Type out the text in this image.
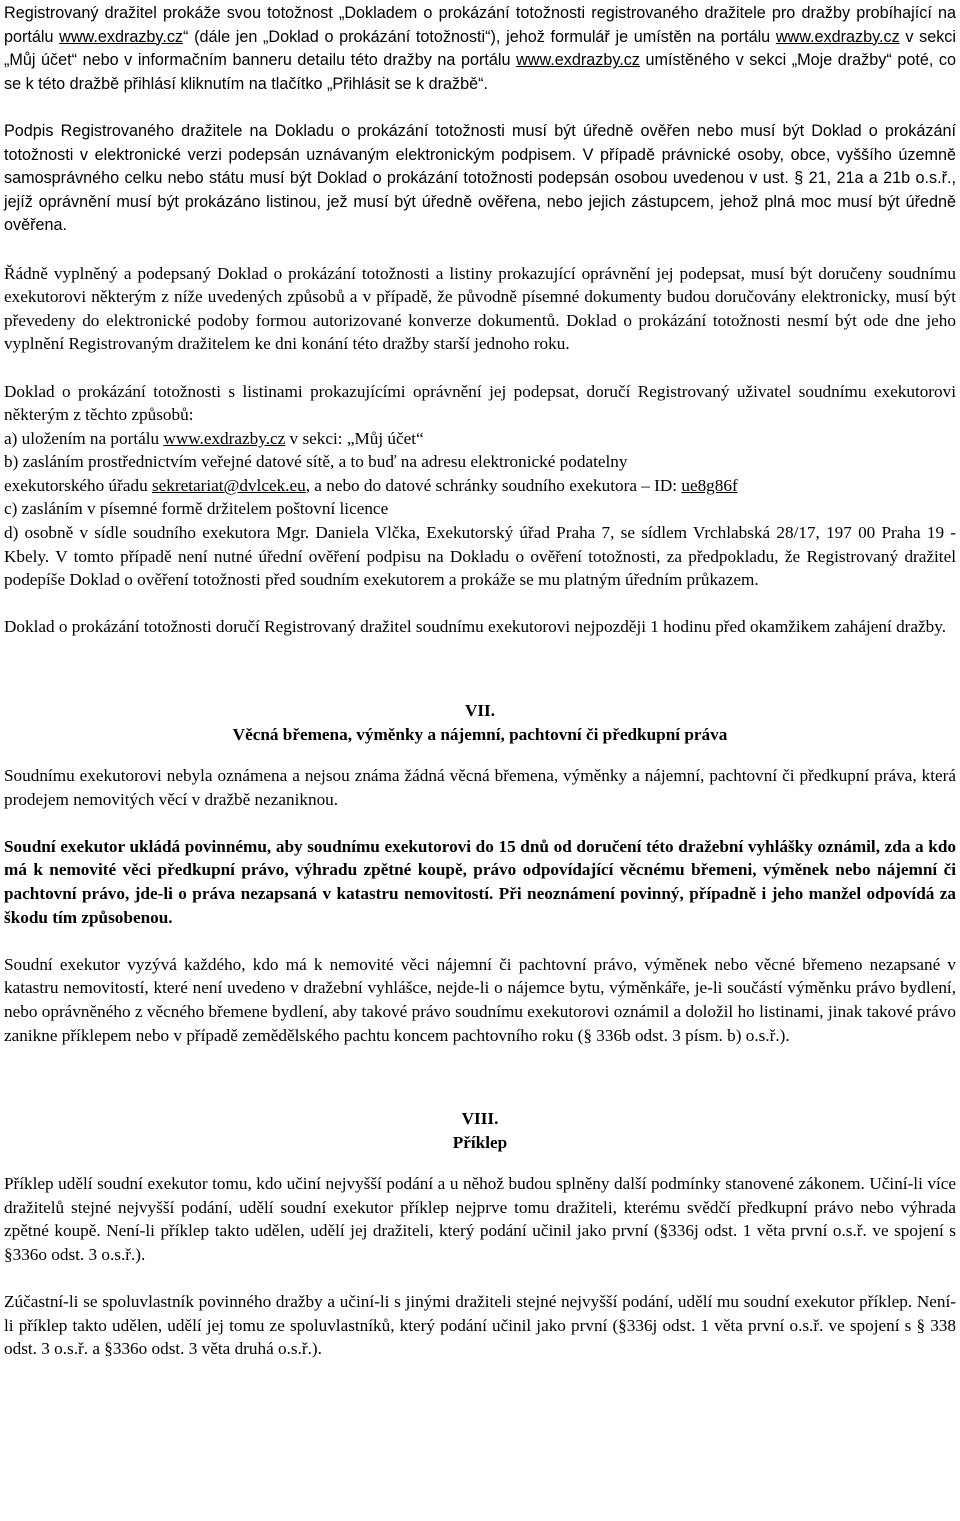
Registrovaný dražitel prokáže svou totožnost „Dokladem o prokázání totožnosti registrovaného dražitele pro dražby probíhající na portálu www.exdrazby.cz“ (dále jen „Doklad o prokázání totožnosti“), jehož formulář je umístěn na portálu www.exdrazby.cz v sekci „Můj účet“ nebo v informačním banneru detailu této dražby na portálu www.exdrazby.cz umístěného v sekci „Moje dražby“ poté, co se k této dražbě přihlásí kliknutím na tlačítko „Přihlásit se k dražbě“.

Podpis Registrovaného dražitele na Dokladu o prokázání totožnosti musí být úředně ověřen nebo musí být Doklad o prokázání totožnosti v elektronické verzi podepsán uznávaným elektronickým podpisem. V případě právnické osoby, obce, vyššího územně samosprávného celku nebo státu musí být Doklad o prokázání totožnosti podepsán osobou uvedenou v ust. § 21, 21a a 21b o.s.ř., jejíž oprávnění musí být prokázáno listinou, jež musí být úředně ověřena, nebo jejich zástupcem, jehož plná moc musí být úředně ověřena.

Řádně vyplněný a podepsaný Doklad o prokázání totožnosti a listiny prokazující oprávnění jej podepsat, musí být doručeny soudnímu exekutorovi některým z níže uvedených způsobů a v případě, že původně písemné dokumenty budou doručovány elektronicky, musí být převedeny do elektronické podoby formou autorizované konverze dokumentů. Doklad o prokázání totožnosti nesmí být ode dne jeho vyplnění Registrovaným dražitelem ke dni konání této dražby starší jednoho roku.

Doklad o prokázání totožnosti s listinami prokazujícími oprávnění jej podepsat, doručí Registrovaný uživatel soudnímu exekutorovi některým z těchto způsobů:

a) uložením na portálu www.exdrazby.cz v sekci: „Můj účet“

b) zasláním prostřednictvím veřejné datové sítě, a to buď na adresu elektronické podatelny

exekutorského úřadu sekretariat@dvlcek.eu, a nebo do datové schránky soudního exekutora – ID: ue8g86f

c) zasláním v písemné formě držitelem poštovní licence

d) osobně v sídle soudního exekutora Mgr. Daniela Vlčka, Exekutorský úřad Praha 7, se sídlem Vrchlabská 28/17, 197 00 Praha 19 - Kbely. V tomto případě není nutné úřední ověření podpisu na Dokladu o ověření totožnosti, za předpokladu, že Registrovaný dražitel podepíše Doklad o ověření totožnosti před soudním exekutorem a prokáže se mu platným úředním průkazem.

Doklad o prokázání totožnosti doručí Registrovaný dražitel soudnímu exekutorovi nejpozději 1 hodinu před okamžikem zahájení dražby.

VII.

Věcná břemena, výměnky a nájemní, pachtovní či předkupní práva

Soudnímu exekutorovi nebyla oznámena a nejsou známa žádná věcná břemena, výměnky a nájemní, pachtovní či předkupní práva, která prodejem nemovitých věcí v dražbě nezaniknou.

Soudní exekutor ukládá povinnému, aby soudnímu exekutorovi do 15 dnů od doručení této dražební vyhlášky oznámil, zda a kdo má k nemovité věci předkupní právo, výhradu zpětné koupě, právo odpovídající věcnému břemeni, výměnek nebo nájemní či pachtovní právo, jde-li o práva nezapsaná v katastru nemovitostí. Při neoznámení povinný, případně i jeho manžel odpovídá za škodu tím způsobenou.

Soudní exekutor vyzývá každého, kdo má k nemovité věci nájemní či pachtovní právo, výměnek nebo věcné břemeno nezapsané v katastru nemovitostí, které není uvedeno v dražební vyhlášce, nejde-li o nájemce bytu, výměnkáře, je-li součástí výměnku právo bydlení, nebo oprávněného z věcného břemene bydlení, aby takové právo soudnímu exekutorovi oznámil a doložil ho listinami, jinak takové právo zanikne příklepem nebo v případě zemědělského pachtu koncem pachtovního roku (§ 336b odst. 3 písm. b) o.s.ř.).

VIII.

Příklep

Příklep udělí soudní exekutor tomu, kdo učiní nejvyšší podání a u něhož budou splněny další podmínky stanovené zákonem. Učiní-li více dražitelů stejné nejvyšší podání, udělí soudní exekutor příklep nejprve tomu dražiteli, kterému svědčí předkupní právo nebo výhrada zpětné koupě. Není-li příklep takto udělen, udělí jej dražiteli, který podání učinil jako první (§336j odst. 1 věta první o.s.ř. ve spojení s §336o odst. 3 o.s.ř.).

Zúčastní-li se spoluvlastník povinného dražby a učiní-li s jinými dražiteli stejné nejvyšší podání, udělí mu soudní exekutor příklep. Není-li příklep takto udělen, udělí jej tomu ze spoluvlastníků, který podání učinil jako první (§336j odst. 1 věta první o.s.ř. ve spojení s § 338 odst. 3 o.s.ř. a §336o odst. 3 věta druhá o.s.ř.).
